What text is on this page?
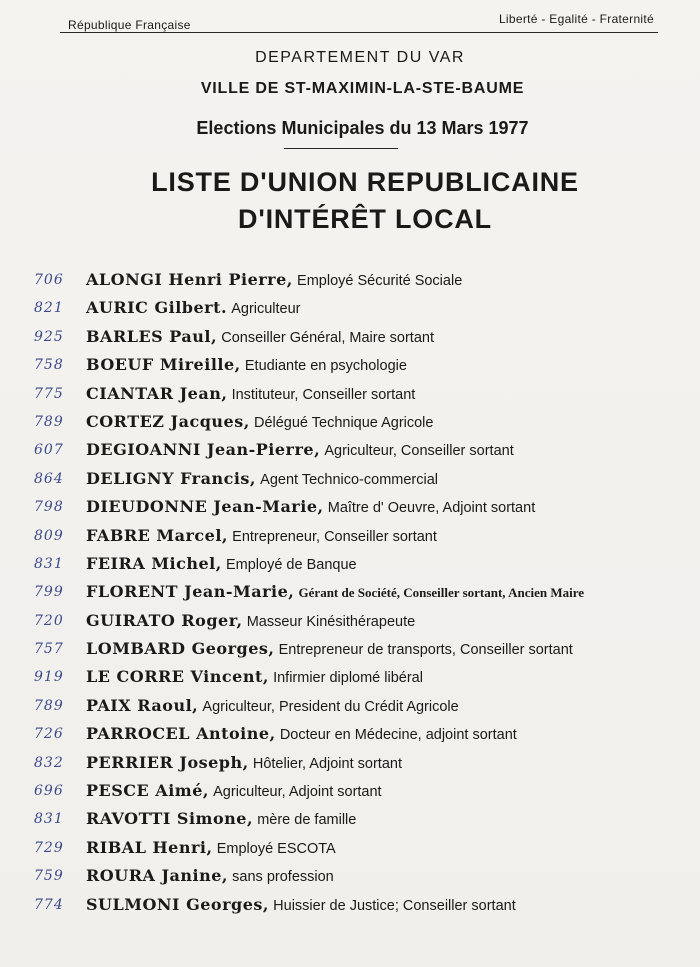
République Française	Liberté - Egalité - Fraternité
DEPARTEMENT DU VAR
VILLE DE ST-MAXIMIN-LA-STE-BAUME
Elections Municipales du 13 Mars 1977
LISTE D'UNION REPUBLICAINE
D'INTÉRÊT LOCAL
706	ALONGI Henri Pierre, Employé Sécurité Sociale
821	AURIC Gilbert. Agriculteur
925	BARLES Paul, Conseiller Général, Maire sortant
758	BOEUF Mireille, Etudiante en psychologie
775	CIANTAR Jean, Instituteur, Conseiller sortant
789	CORTEZ Jacques, Délégué Technique Agricole
607	DEGIOANNI Jean-Pierre, Agriculteur, Conseiller sortant
864	DELIGNY Francis, Agent Technico-commercial
798	DIEUDONNE Jean-Marie, Maître d' Oeuvre, Adjoint sortant
809	FABRE Marcel, Entrepreneur, Conseiller sortant
831	FEIRA Michel, Employé de Banque
799	FLORENT Jean-Marie, Gérant de Société, Conseiller sortant, Ancien Maire
720	GUIRATO Roger, Masseur Kinésithérapeute
757	LOMBARD Georges, Entrepreneur de transports, Conseiller sortant
919	LE CORRE Vincent, Infirmier diplomé libéral
789	PAIX Raoul, Agriculteur, President du Crédit Agricole
726	PARROCEL Antoine, Docteur en Médecine, adjoint sortant
832	PERRIER Joseph, Hôtelier, Adjoint sortant
696	PESCE Aimé, Agriculteur, Adjoint sortant
831	RAVOTTI Simone, mère de famille
729	RIBAL Henri, Employé ESCOTA
759	ROURA Janine, sans profession
774	SULMONI Georges, Huissier de Justice; Conseiller sortant
